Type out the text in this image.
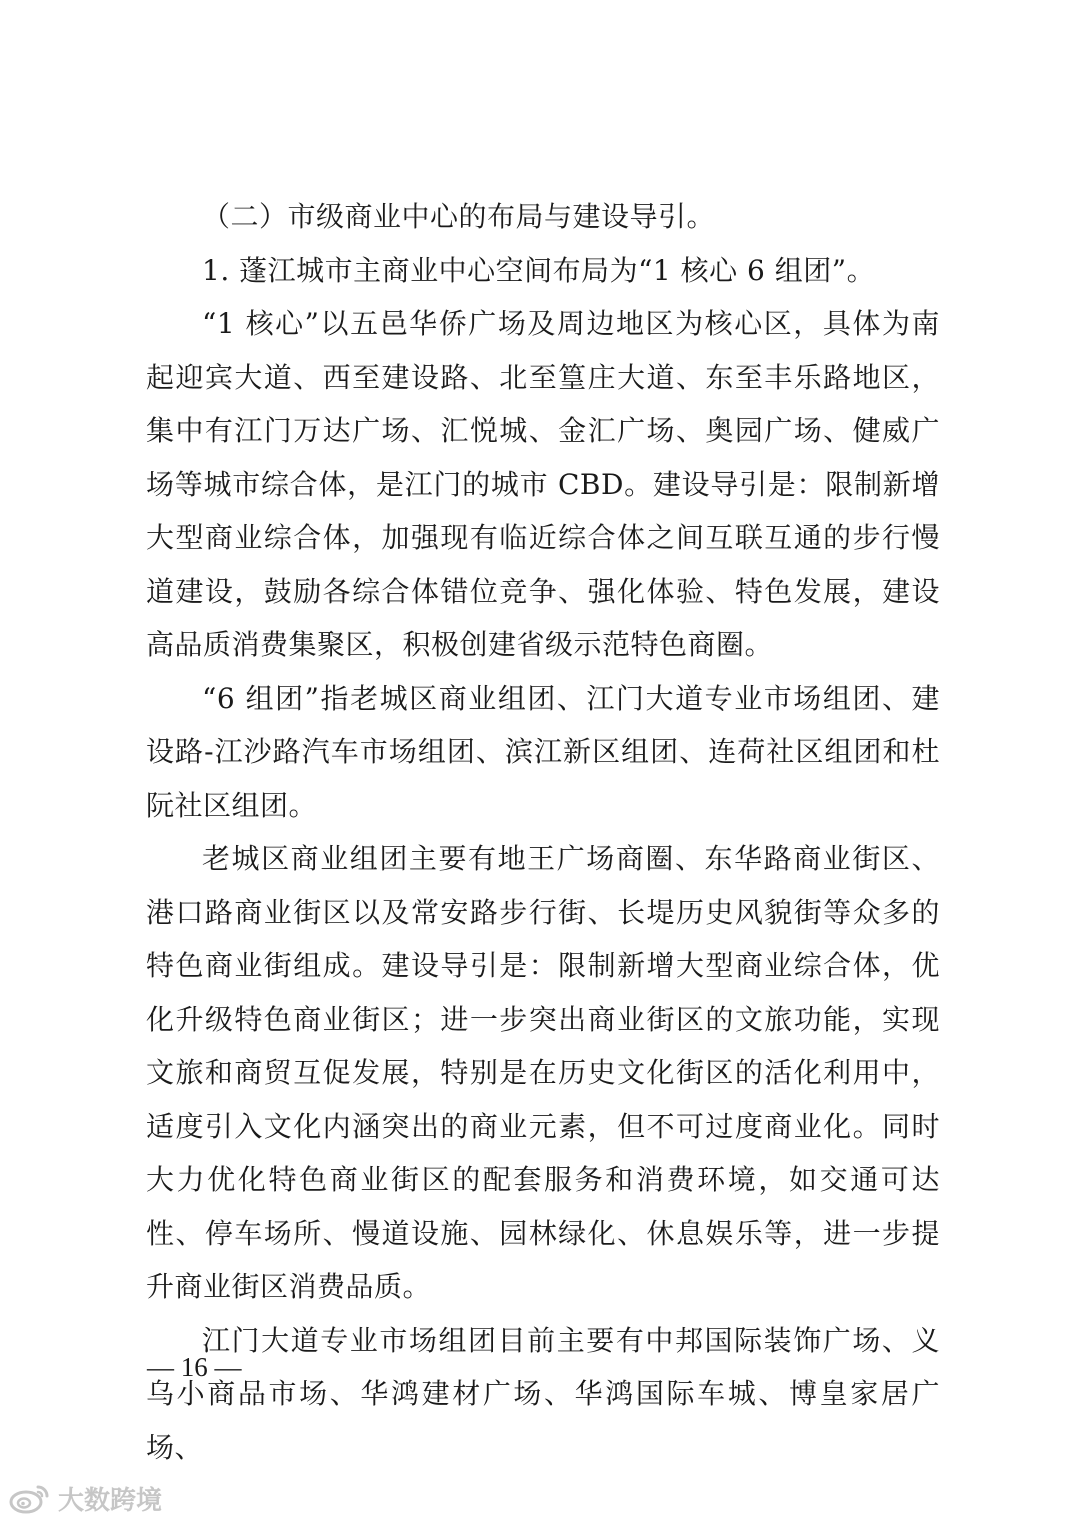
（二）市级商业中心的布局与建设导引。

1. 蓬江城市主商业中心空间布局为“1 核心 6 组团”。

“1 核心”以五邑华侨广场及周边地区为核心区，具体为南起迎宾大道、西至建设路、北至篁庄大道、东至丰乐路地区，集中有江门万达广场、汇悦城、金汇广场、奥园广场、健威广场等城市综合体，是江门的城市 CBD。建设导引是：限制新增大型商业综合体，加强现有临近综合体之间互联互通的步行慢道建设，鼓励各综合体错位竞争、强化体验、特色发展，建设高品质消费集聚区，积极创建省级示范特色商圈。

“6 组团”指老城区商业组团、江门大道专业市场组团、建设路-江沙路汽车市场组团、滨江新区组团、连荷社区组团和杜阮社区组团。

老城区商业组团主要有地王广场商圈、东华路商业街区、港口路商业街区以及常安路步行街、长堤历史风貌街等众多的特色商业街组成。建设导引是：限制新增大型商业综合体，优化升级特色商业街区；进一步突出商业街区的文旅功能，实现文旅和商贸互促发展，特别是在历史文化街区的活化利用中，适度引入文化内涵突出的商业元素，但不可过度商业化。同时大力优化特色商业街区的配套服务和消费环境，如交通可达性、停车场所、慢道设施、园林绿化、休息娱乐等，进一步提升商业街区消费品质。

江门大道专业市场组团目前主要有中邦国际装饰广场、义乌小商品市场、华鸿建材广场、华鸿国际车城、博皇家居广场、

— 16 —
大数跨境
